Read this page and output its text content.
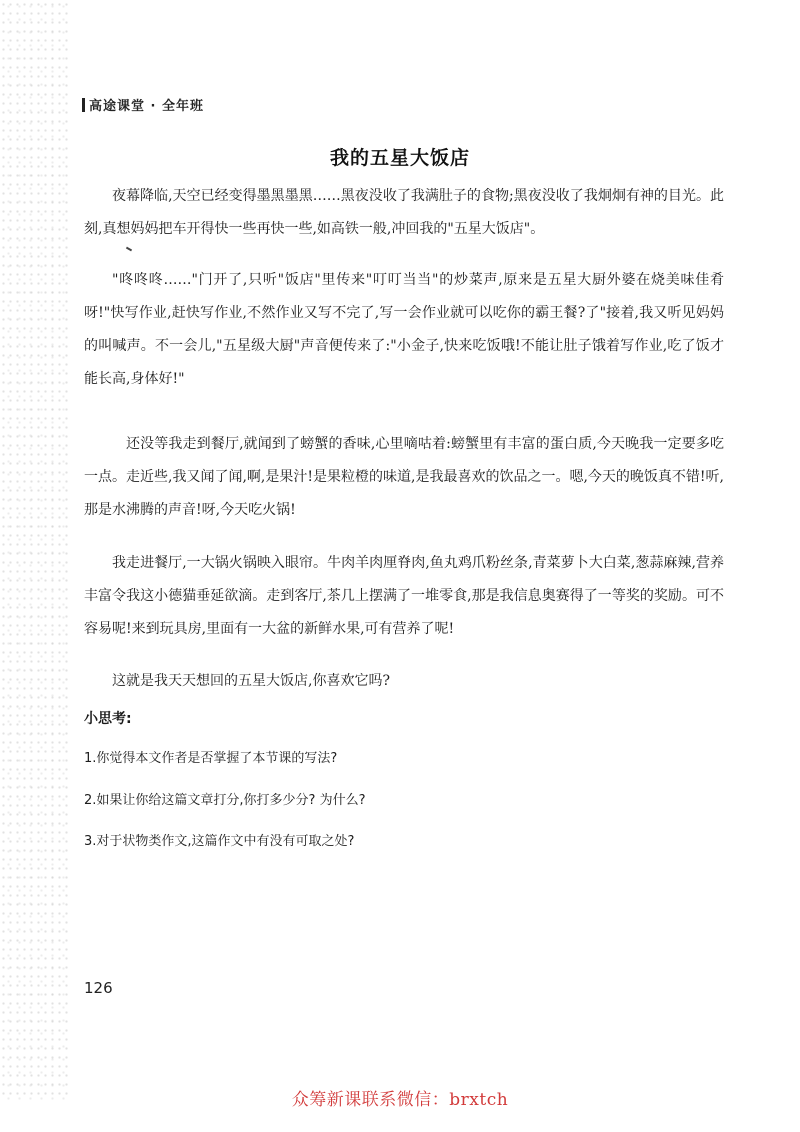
高途课堂 · 全年班
我的五星大饭店

夜幕降临,天空已经变得墨黑墨黑……黑夜没收了我满肚子的食物;黑夜没收了我炯炯有神的目光。此刻,真想妈妈把车开得快一些再快一些,如高铁一般,冲回我的"五星大饭店"。

"咚咚咚……"门开了,只听"饭店"里传来"叮叮当当"的炒菜声,原来是五星大厨外婆在烧美味佳肴呀!"快写作业,赶快写作业,不然作业又写不完了,写一会作业就可以吃你的霸王餐?了"接着,我又听见妈妈的叫喊声。不一会儿,"五星级大厨"声音便传来了:"小金子,快来吃饭哦!不能让肚子饿着写作业,吃了饭才能长高,身体好!"

还没等我走到餐厅,就闻到了螃蟹的香味,心里嘀咕着:螃蟹里有丰富的蛋白质,今天晚我一定要多吃一点。走近些,我又闻了闻,啊,是果汁!是果粒橙的味道,是我最喜欢的饮品之一。嗯,今天的晚饭真不错!听,那是水沸腾的声音!呀,今天吃火锅!

我走进餐厅,一大锅火锅映入眼帘。牛肉羊肉厘脊肉,鱼丸鸡爪粉丝条,青菜萝卜大白菜,葱蒜麻辣,营养丰富令我这小德猫垂延欲滴。走到客厅,茶几上摆满了一堆零食,那是我信息奥赛得了一等奖的奖励。可不容易呢!来到玩具房,里面有一大盆的新鲜水果,可有营养了呢!

这就是我天天想回的五星大饭店,你喜欢它吗?

小思考:
1.你觉得本文作者是否掌握了本节课的写法?
2.如果让你给这篇文章打分,你打多少分? 为什么?
3.对于状物类作文,这篇作文中有没有可取之处?
126
众筹新课联系微信：brxtch
